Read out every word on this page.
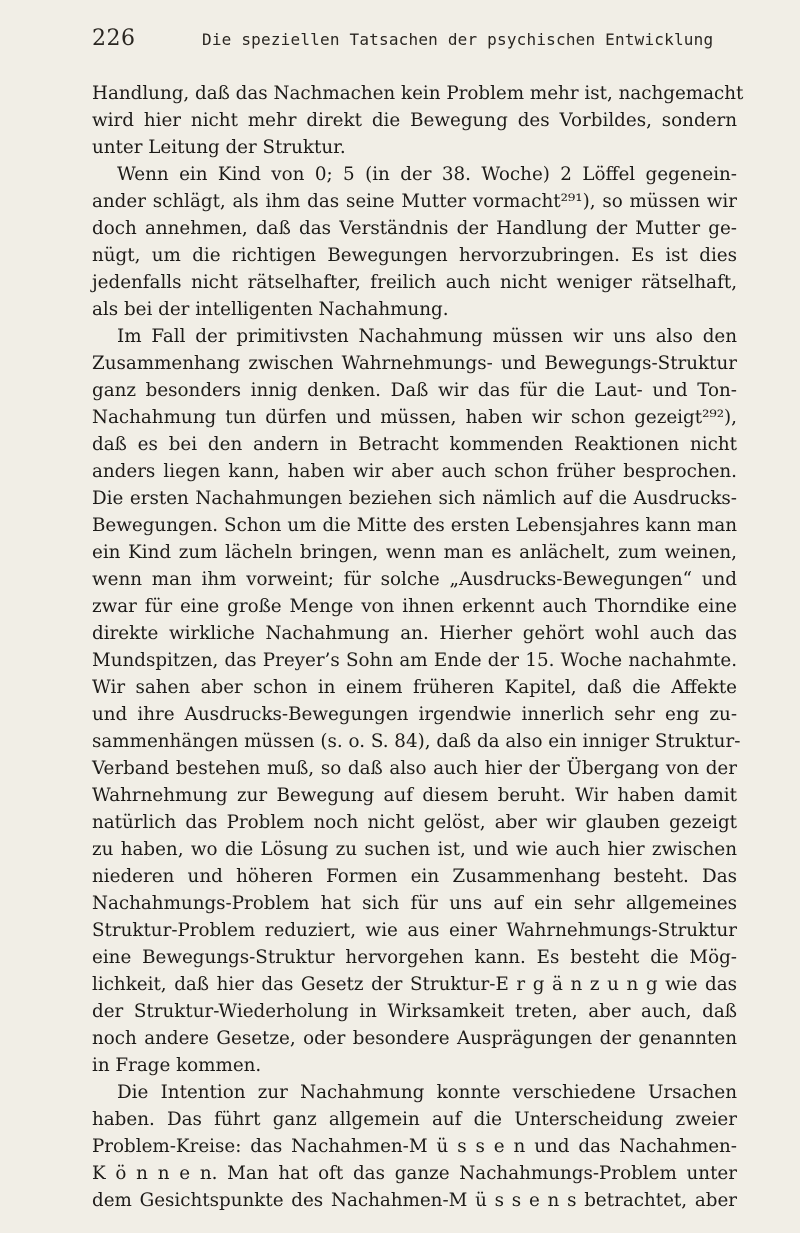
226	Die speziellen Tatsachen der psychischen Entwicklung
Handlung, daß das Nachmachen kein Problem mehr ist, nachgemacht
wird hier nicht mehr direkt die Bewegung des Vorbildes, sondern
unter Leitung der Struktur.
Wenn ein Kind von 0; 5 (in der 38. Woche) 2 Löffel gegenein-
ander schlägt, als ihm das seine Mutter vormacht²⁹¹), so müssen wir
doch annehmen, daß das Verständnis der Handlung der Mutter ge-
nügt, um die richtigen Bewegungen hervorzubringen. Es ist dies
jedenfalls nicht rätselhafter, freilich auch nicht weniger rätselhaft,
als bei der intelligenten Nachahmung.
Im Fall der primitivsten Nachahmung müssen wir uns also den
Zusammenhang zwischen Wahrnehmungs- und Bewegungs-Struktur
ganz besonders innig denken. Daß wir das für die Laut- und Ton-
Nachahmung tun dürfen und müssen, haben wir schon gezeigt²⁹²),
daß es bei den andern in Betracht kommenden Reaktionen nicht
anders liegen kann, haben wir aber auch schon früher besprochen.
Die ersten Nachahmungen beziehen sich nämlich auf die Ausdrucks-
Bewegungen. Schon um die Mitte des ersten Lebensjahres kann man
ein Kind zum lächeln bringen, wenn man es anlächelt, zum weinen,
wenn man ihm vorweint; für solche „Ausdrucks-Bewegungen“ und
zwar für eine große Menge von ihnen erkennt auch Thorndike eine
direkte wirkliche Nachahmung an. Hierher gehört wohl auch das
Mundspitzen, das Preyer’s Sohn am Ende der 15. Woche nachahmte.
Wir sahen aber schon in einem früheren Kapitel, daß die Affekte
und ihre Ausdrucks-Bewegungen irgendwie innerlich sehr eng zu-
sammenhängen müssen (s. o. S. 84), daß da also ein inniger Struktur-
Verband bestehen muß, so daß also auch hier der Übergang von der
Wahrnehmung zur Bewegung auf diesem beruht. Wir haben damit
natürlich das Problem noch nicht gelöst, aber wir glauben gezeigt
zu haben, wo die Lösung zu suchen ist, und wie auch hier zwischen
niederen und höheren Formen ein Zusammenhang besteht. Das
Nachahmungs-Problem hat sich für uns auf ein sehr allgemeines
Struktur-Problem reduziert, wie aus einer Wahrnehmungs-Struktur
eine Bewegungs-Struktur hervorgehen kann. Es besteht die Mög-
lichkeit, daß hier das Gesetz der Struktur-E r g ä n z u n g wie das
der Struktur-Wiederholung in Wirksamkeit treten, aber auch, daß
noch andere Gesetze, oder besondere Ausprägungen der genannten
in Frage kommen.
Die Intention zur Nachahmung konnte verschiedene Ursachen
haben. Das führt ganz allgemein auf die Unterscheidung zweier
Problem-Kreise: das Nachahmen-M ü s s e n und das Nachahmen-
K ö n n e n. Man hat oft das ganze Nachahmungs-Problem unter
dem Gesichtspunkte des Nachahmen-M ü s s e n s betrachtet, aber
